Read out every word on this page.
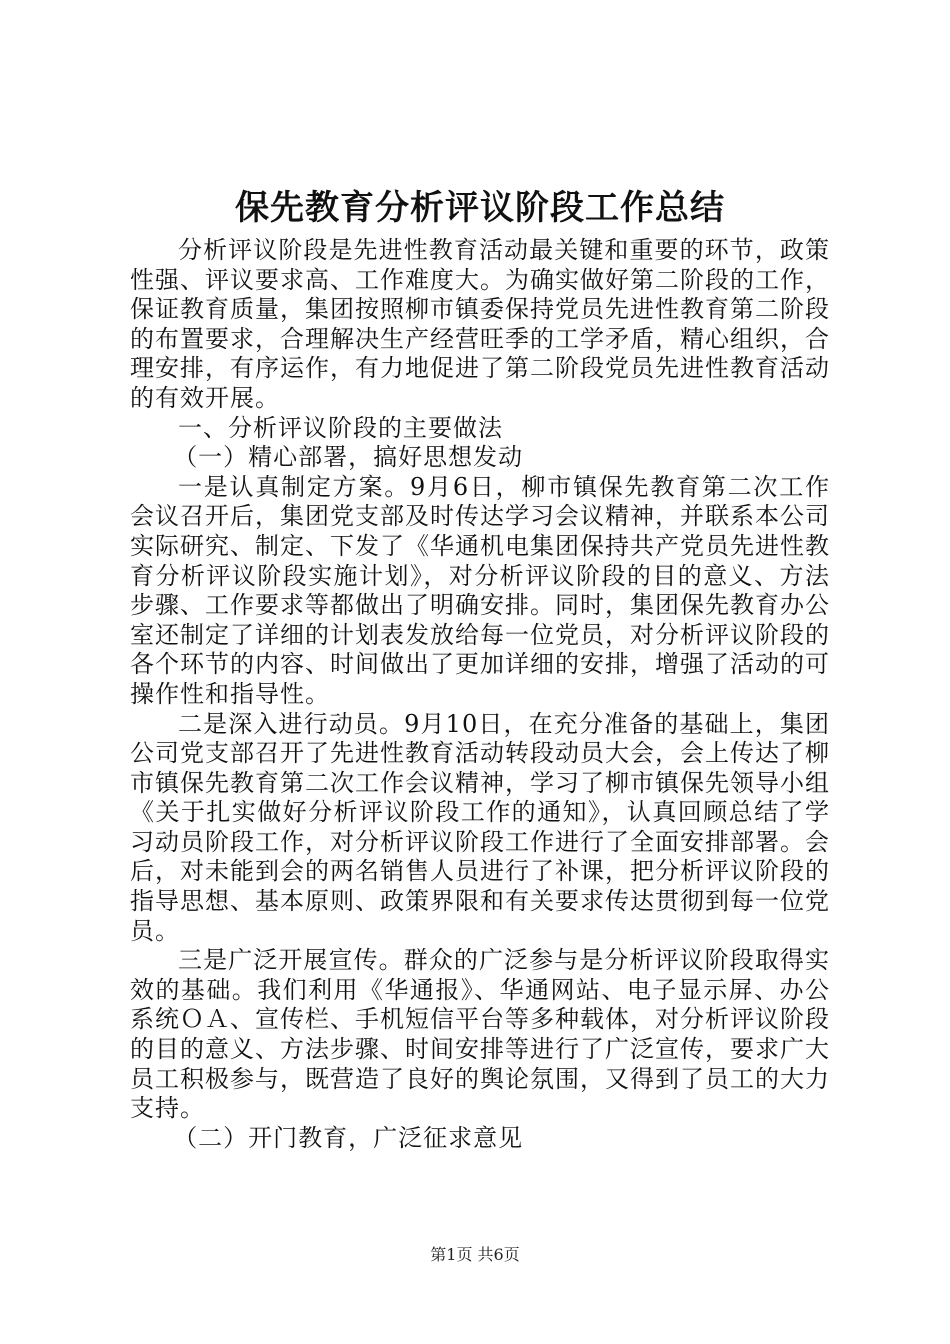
保先教育分析评议阶段工作总结

分析评议阶段是先进性教育活动最关键和重要的环节，政策性强、评议要求高、工作难度大。为确实做好第二阶段的工作，保证教育质量，集团按照柳市镇委保持党员先进性教育第二阶段的布置要求，合理解决生产经营旺季的工学矛盾，精心组织，合理安排，有序运作，有力地促进了第二阶段党员先进性教育活动的有效开展。

一、分析评议阶段的主要做法

（一）精心部署，搞好思想发动

一是认真制定方案。9月6日，柳市镇保先教育第二次工作会议召开后，集团党支部及时传达学习会议精神，并联系本公司实际研究、制定、下发了《华通机电集团保持共产党员先进性教育分析评议阶段实施计划》，对分析评议阶段的目的意义、方法步骤、工作要求等都做出了明确安排。同时，集团保先教育办公室还制定了详细的计划表发放给每一位党员，对分析评议阶段的各个环节的内容、时间做出了更加详细的安排，增强了活动的可操作性和指导性。

二是深入进行动员。9月10日，在充分准备的基础上，集团公司党支部召开了先进性教育活动转段动员大会，会上传达了柳市镇保先教育第二次工作会议精神，学习了柳市镇保先领导小组《关于扎实做好分析评议阶段工作的通知》，认真回顾总结了学习动员阶段工作，对分析评议阶段工作进行了全面安排部署。会后，对未能到会的两名销售人员进行了补课，把分析评议阶段的指导思想、基本原则、政策界限和有关要求传达贯彻到每一位党员。

三是广泛开展宣传。群众的广泛参与是分析评议阶段取得实效的基础。我们利用《华通报》、华通网站、电子显示屏、办公系统ＯＡ、宣传栏、手机短信平台等多种载体，对分析评议阶段的目的意义、方法步骤、时间安排等进行了广泛宣传，要求广大员工积极参与，既营造了良好的舆论氛围，又得到了员工的大力支持。

（二）开门教育，广泛征求意见

第1页 共6页
